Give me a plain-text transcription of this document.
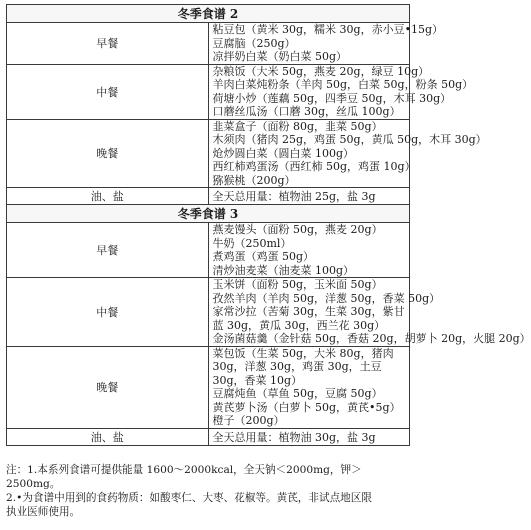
冬季食谱 2	
早餐	粘豆包（黄米 30g，糯米 30g，赤小豆•15g）
豆腐脑（250g）
凉拌奶白菜（奶白菜 50g）

中餐	杂粮饭（大米 50g，燕麦 20g，绿豆 10g）
羊肉白菜炖粉条（羊肉 50g，白菜 50g，粉条 50g）
荷塘小炒（莲藕 50g，四季豆 50g，木耳 30g）
口蘑丝瓜汤（口蘑 30g，丝瓜 100g）

晚餐	韭菜盒子（面粉 80g，韭菜 50g）
木须肉（猪肉 25g，鸡蛋 50g，黄瓜 50g，木耳 30g）
炝炒圆白菜（圆白菜 100g）
西红柿鸡蛋汤（西红柿 50g，鸡蛋 10g）
猕猴桃（200g）

油、盐	全天总用量：植物油 25g，盐 3g
冬季食谱 3	
早餐	燕麦馒头（面粉 50g，燕麦 20g）
牛奶（250ml）
煮鸡蛋（鸡蛋 50g）
清炒油麦菜（油麦菜 100g）

中餐	玉米饼（面粉 50g，玉米面 50g）
孜然羊肉（羊肉 50g，洋葱 50g，香菜 50g）
家常沙拉（苦菊 30g，生菜 30g，紫甘蓝 30g，黄瓜 30g，西兰花 30g）
金汤菌菇羹（金针菇 50g，香菇 20g，胡萝卜 20g，火腿 20g）

晚餐	菜包饭（生菜 50g，大米 80g，猪肉 30g，洋葱 30g，鸡蛋 30g，土豆 30g，香菜 10g）
豆腐炖鱼（草鱼 50g，豆腐 50g）
黄芪萝卜汤（白萝卜 50g，黄芪•5g）
橙子（200g）

油、盐	全天总用量：植物油 30g，盐 3g
注：1.本系列食谱可提供能量 1600～2000kcal，全天钠＜2000mg，钾＞
2500mg。
2.•为食谱中用到的食药物质：如酸枣仁、大枣、花椒等。黄芪，非试点地区限
执业医师使用。
